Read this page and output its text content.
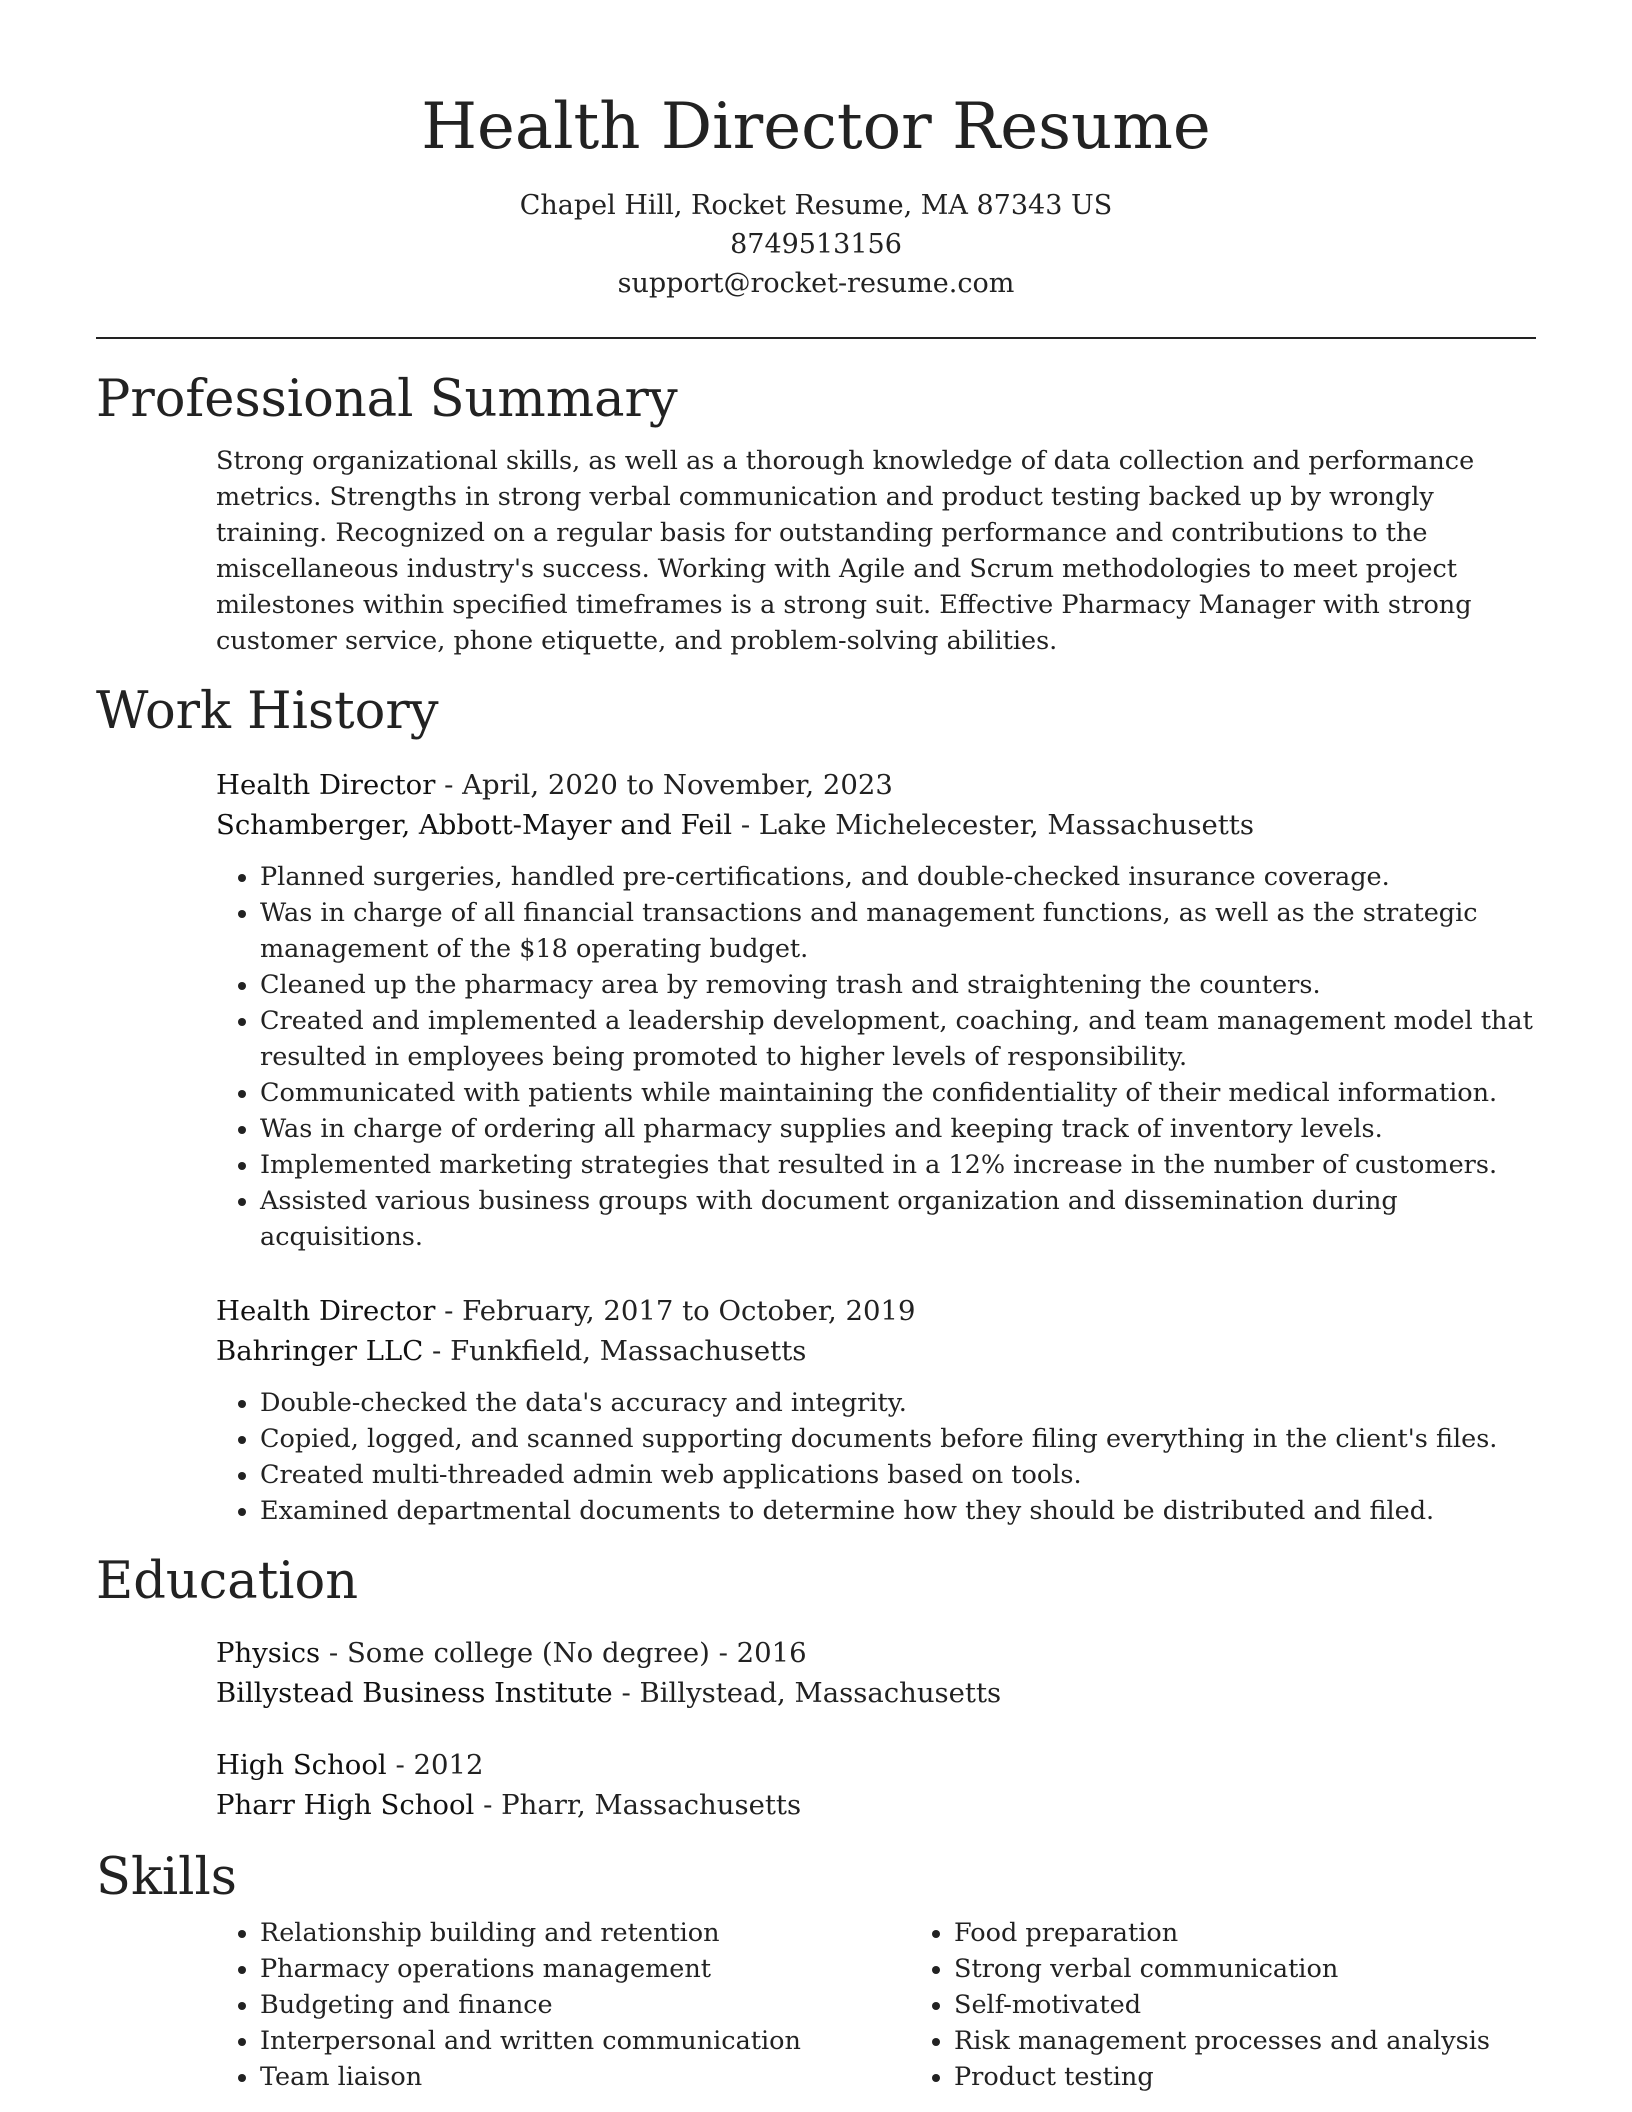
Health Director Resume
Chapel Hill, Rocket Resume, MA 87343 US
8749513156
support@rocket-resume.com
Professional Summary

Strong organizational skills, as well as a thorough knowledge of data collection and performance metrics. Strengths in strong verbal communication and product testing backed up by wrongly training. Recognized on a regular basis for outstanding performance and contributions to the miscellaneous industry's success. Working with Agile and Scrum methodologies to meet project milestones within specified timeframes is a strong suit. Effective Pharmacy Manager with strong customer service, phone etiquette, and problem-solving abilities.

Work History
Health Director - April, 2020 to November, 2023
Schamberger, Abbott-Mayer and Feil - Lake Michelecester, Massachusetts
• Planned surgeries, handled pre-certifications, and double-checked insurance coverage.
• Was in charge of all financial transactions and management functions, as well as the strategic management of the $18 operating budget.
• Cleaned up the pharmacy area by removing trash and straightening the counters.
• Created and implemented a leadership development, coaching, and team management model that resulted in employees being promoted to higher levels of responsibility.
• Communicated with patients while maintaining the confidentiality of their medical information.
• Was in charge of ordering all pharmacy supplies and keeping track of inventory levels.
• Implemented marketing strategies that resulted in a 12% increase in the number of customers.
• Assisted various business groups with document organization and dissemination during acquisitions.
Health Director - February, 2017 to October, 2019
Bahringer LLC - Funkfield, Massachusetts
• Double-checked the data's accuracy and integrity.
• Copied, logged, and scanned supporting documents before filing everything in the client's files.
• Created multi-threaded admin web applications based on tools.
• Examined departmental documents to determine how they should be distributed and filed.
Education
Physics - Some college (No degree) - 2016
Billystead Business Institute - Billystead, Massachusetts
High School - 2012
Pharr High School - Pharr, Massachusetts
Skills
• Relationship building and retention
• Pharmacy operations management
• Budgeting and finance
• Interpersonal and written communication
• Team liaison
• Food preparation
• Strong verbal communication
• Self-motivated
• Risk management processes and analysis
• Product testing
